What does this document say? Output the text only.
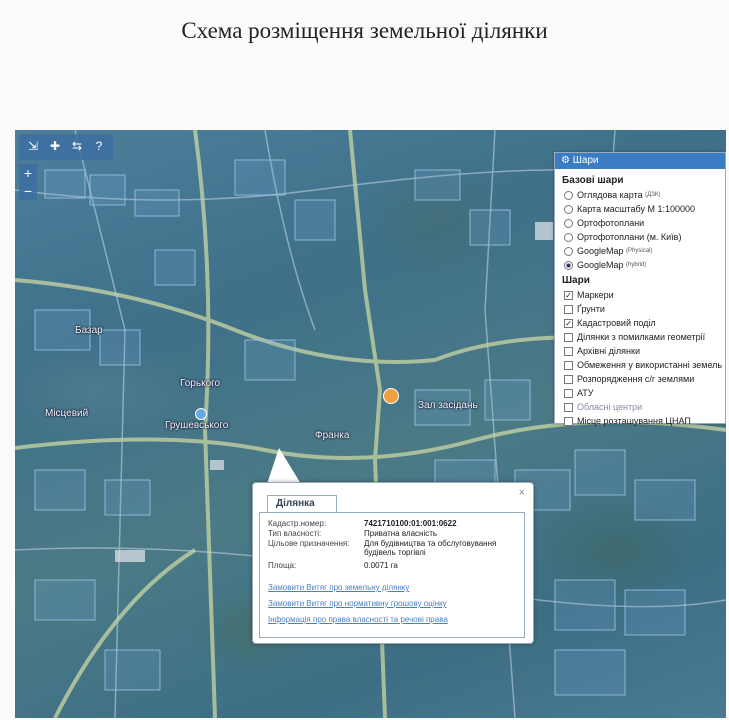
Схема розміщення земельної ділянки
⇲ ✚ ⇆	?
+
−
Базар
Горького
Грушевського
Франка
Зал засідань
Місцевий
⚙ Шари
Базові шари
Оглядова карта
(ДЗК)
Карта масштабу М 1:100000

Ортофотоплани

Ортофотоплани (м. Київ)

GoogleMap
(Physical)
GoogleMap
(hybrid)
Шари
✓ Маркери
Ґрунти
✓ Кадастровий поділ
Ділянки з помилками геометрії
Архівні ділянки
Обмеження у використанні земель
Розпорядження с/г землями
АТУ
Обласні центри
Місце розташування ЦНАП
Ділянка
×
Кадастр.номер:	7421710100:01:001:0622
Тип власності:	Приватна власність
Цільове призначення:	Для будівництва та обслуговування будівель торгівлі
Площа:	0.0071 га
Замовити Витяг про земельну ділянку
Замовити Витяг про нормативну грошову оцінку
Інформація про права власності та речові права
